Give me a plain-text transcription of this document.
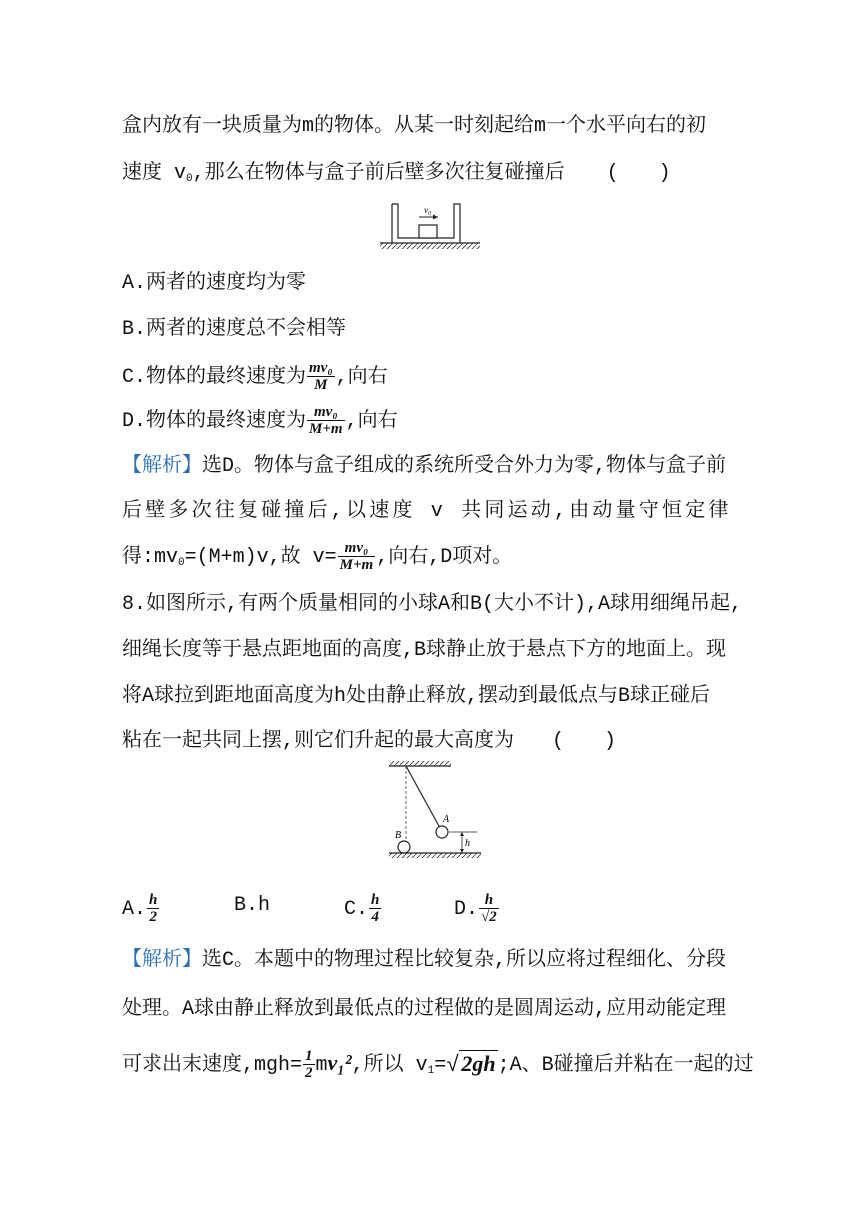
盒内放有一块质量为m的物体。从某一时刻起给m一个水平向右的初
速度 $v_0$,那么在物体与盒子前后壁多次往复碰撞后 (　　)
v₀
A.两者的速度均为零
B.两者的速度总不会相等
C.物体的最终速度为 $\frac{\text{mv₀}}{M}$ ,向右
D.物体的最终速度为 $\frac{\text{mv₀}}{M+m}$ ,向右
【解析】选D。物体与盒子组成的系统所受合外力为零,物体与盒子前
后壁多次往复碰撞后,以速度 v 共同运动,由动量守恒定律
得$:mv_0=(M+m)v$,故 $v= \frac{\text{mv₀}}{M+m}$ ,向右,D项对。
8.如图所示,有两个质量相同的小球A和B(大小不计),A球用细绳吊起,
细绳长度等于悬点距地面的高度,B球静止放于悬点下方的地面上。现
将A球拉到距地面高度为h处由静止释放,摆动到最低点与B球正碰后
粘在一起共同上摆,则它们升起的最大高度为 (　　)
A
B
h
A. $\frac{h}{2}$	B.h	C. $\frac{h}{4}$	D. $\frac{h}{√2}$
【解析】选C。本题中的物理过程比较复杂,所以应将过程细化、分段
处理。A球由静止释放到最低点的过程做的是圆周运动,应用动能定理
可求出末速度$,mgh= \frac{1}{2} mv_1^2$,所以 $v_1=√2gh$ ;A、B碰撞后并粘在一起的过
